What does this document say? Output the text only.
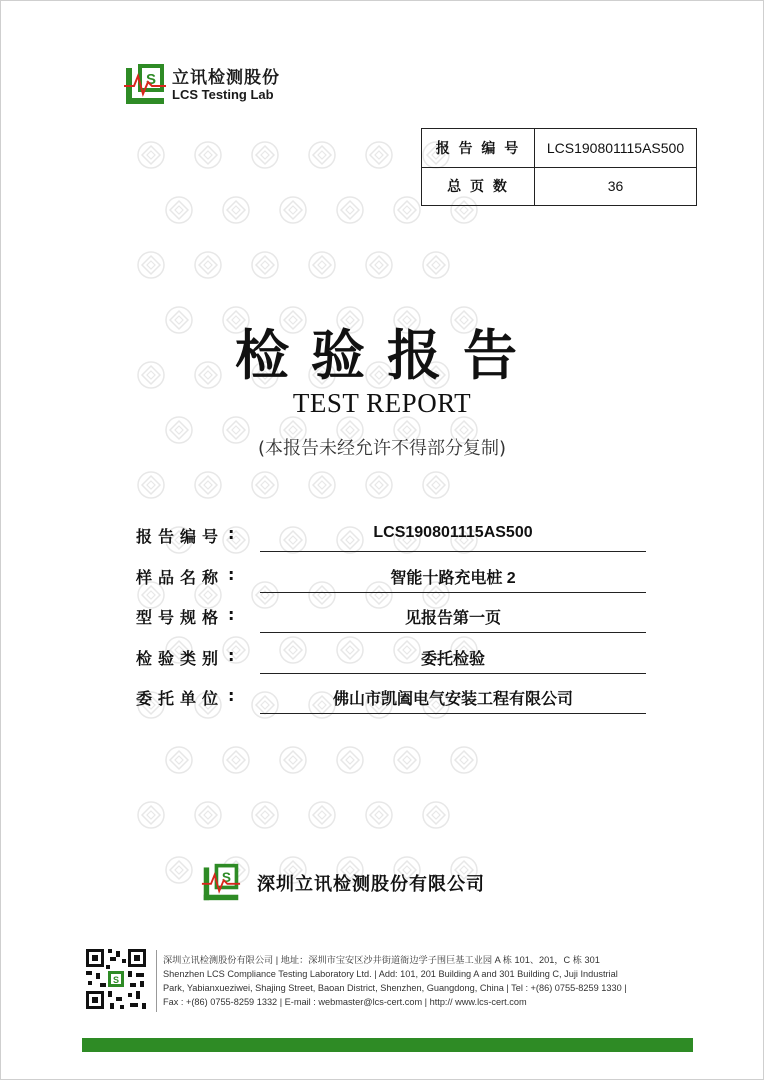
S 立讯检测股份
LCS Testing Lab
报 告 编 号	LCS190801115AS500
总 页 数	36
检验报告
TEST REPORT
(本报告未经允许不得部分复制)
报告编号 :	LCS190801115AS500
样品名称 :	智能十路充电桩 2
型号规格 :	见报告第一页
检验类别 :	委托检验
委托单位 :	佛山市凯阖电气安装工程有限公司
S 深圳立讯检测股份有限公司
S
深圳立讯检测股份有限公司 | 地址：深圳市宝安区沙井街道衙边学子围巨基工业园 A 栋 101、201，C 栋 301
Shenzhen LCS Compliance Testing Laboratory Ltd. | Add: 101, 201 Building A and 301 Building C, Juji Industrial
Park, Yabianxueziwei, Shajing Street, Baoan District, Shenzhen, Guangdong, China | Tel : +(86) 0755-8259 1330 |
Fax : +(86) 0755-8259 1332 | E-mail : webmaster@lcs-cert.com | http:// www.lcs-cert.com
